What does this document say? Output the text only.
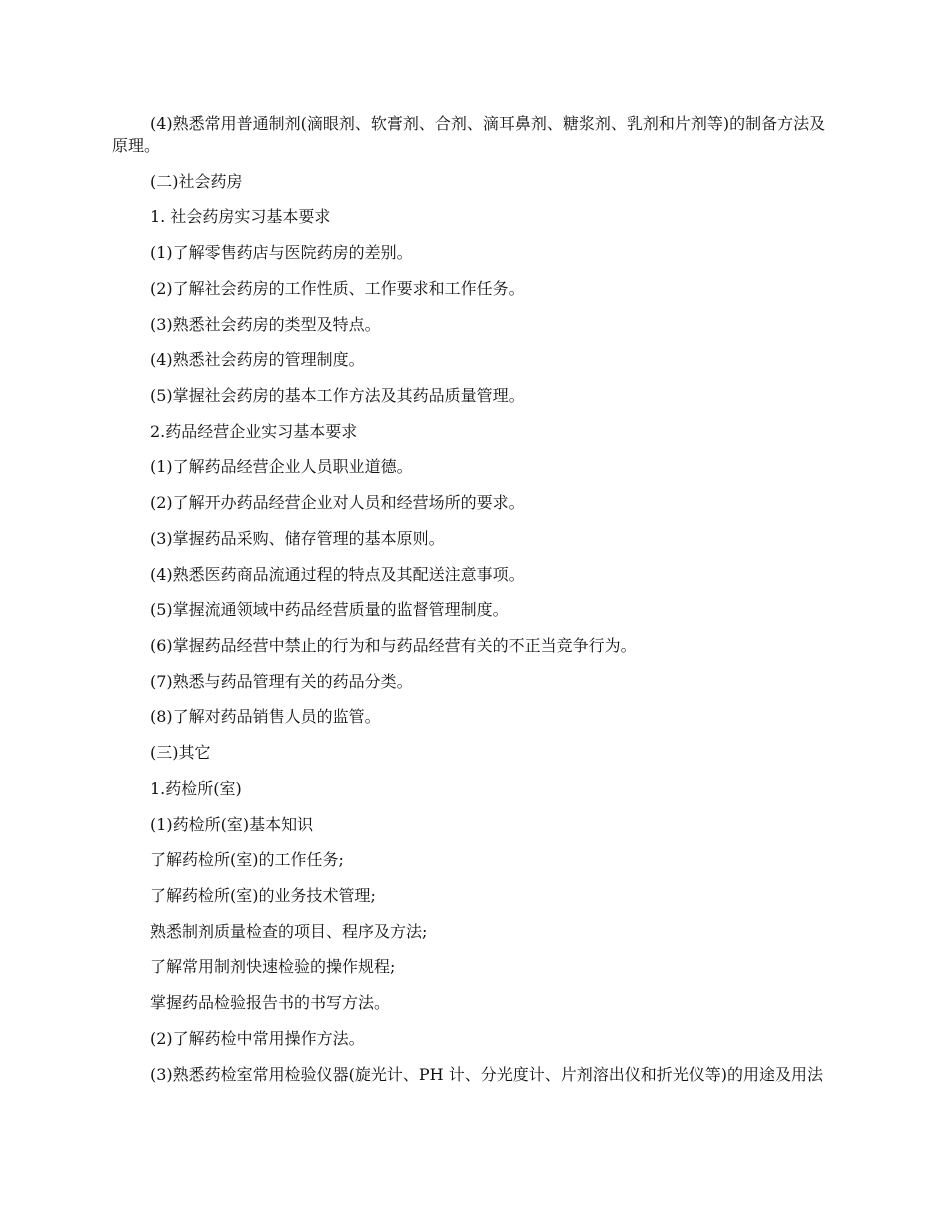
(4)熟悉常用普通制剂(滴眼剂、软膏剂、合剂、滴耳鼻剂、糖浆剂、乳剂和片剂等)的制备方法及原理。

(二)社会药房

1. 社会药房实习基本要求

(1)了解零售药店与医院药房的差别。

(2)了解社会药房的工作性质、工作要求和工作任务。

(3)熟悉社会药房的类型及特点。

(4)熟悉社会药房的管理制度。

(5)掌握社会药房的基本工作方法及其药品质量管理。

2.药品经营企业实习基本要求

(1)了解药品经营企业人员职业道德。

(2)了解开办药品经营企业对人员和经营场所的要求。

(3)掌握药品采购、储存管理的基本原则。

(4)熟悉医药商品流通过程的特点及其配送注意事项。

(5)掌握流通领域中药品经营质量的监督管理制度。

(6)掌握药品经营中禁止的行为和与药品经营有关的不正当竞争行为。

(7)熟悉与药品管理有关的药品分类。

(8)了解对药品销售人员的监管。

(三)其它

1.药检所(室)

(1)药检所(室)基本知识

了解药检所(室)的工作任务;

了解药检所(室)的业务技术管理;

熟悉制剂质量检查的项目、程序及方法;

了解常用制剂快速检验的操作规程;

掌握药品检验报告书的书写方法。

(2)了解药检中常用操作方法。

(3)熟悉药检室常用检验仪器(旋光计、PH 计、分光度计、片剂溶出仪和折光仪等)的用途及用法
